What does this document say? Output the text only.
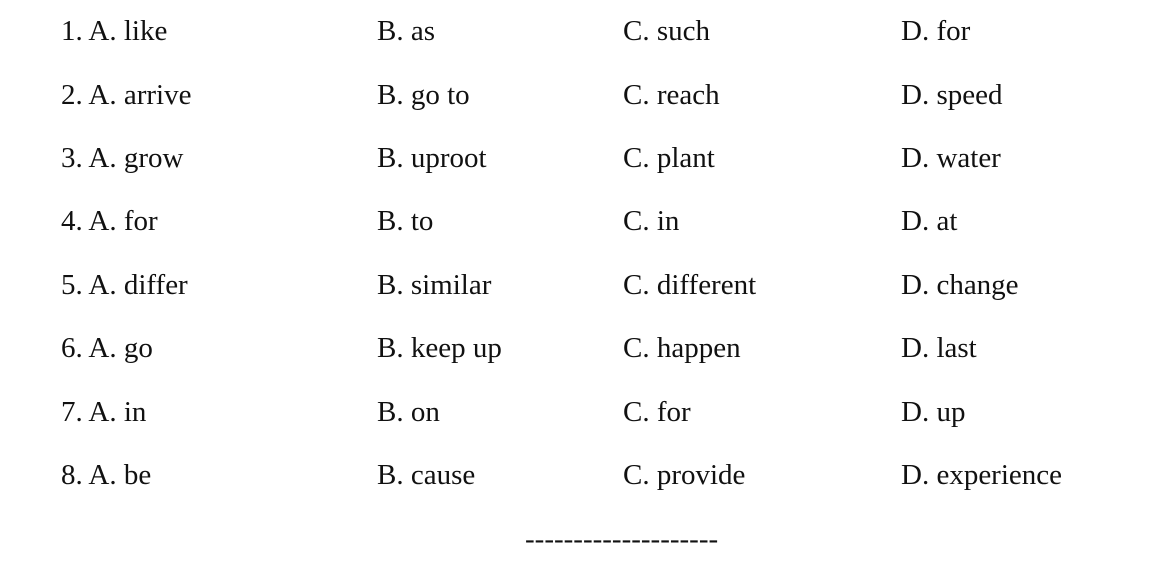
1. A. like	B. as	C. such	D. for
2. A. arrive	B. go to	C. reach	D. speed
3. A. grow	B. uproot	C. plant	D. water
4. A. for	B. to	C. in	D. at
5. A. differ	B. similar	C. different	D. change
6. A. go	B. keep up	C. happen	D. last
7. A. in	B. on	C. for	D. up
8. A. be	B. cause	C. provide	D. experience
--------------------
